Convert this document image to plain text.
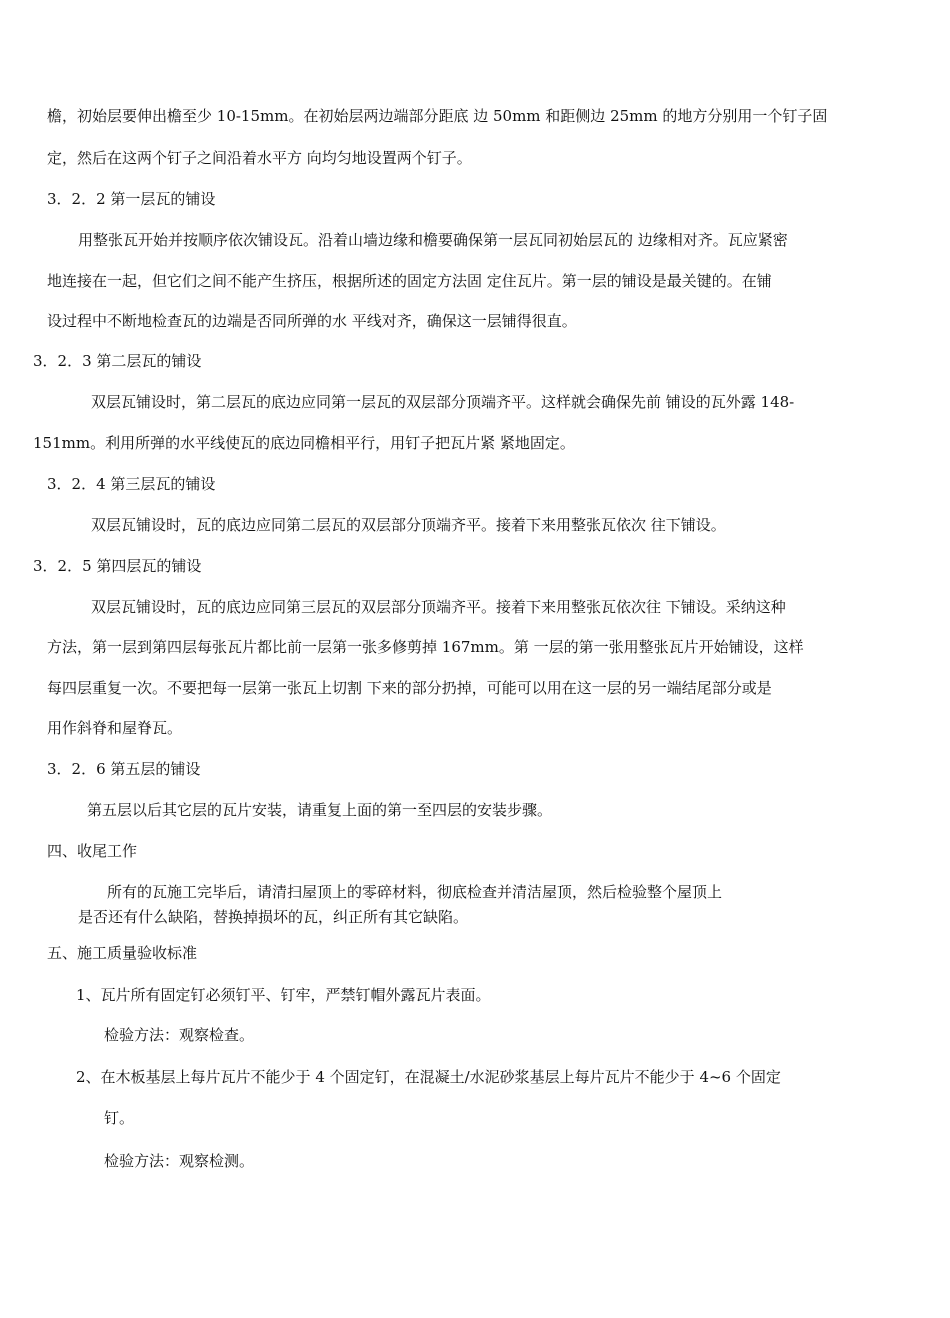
檐，初始层要伸出檐至少 10-15mm。在初始层两边端部分距底 边 50mm 和距侧边 25mm 的地方分别用一个钉子固
定，然后在这两个钉子之间沿着水平方 向均匀地设置两个钉子。
3．2．2 第一层瓦的铺设
用整张瓦开始并按顺序依次铺设瓦。沿着山墙边缘和檐要确保第一层瓦同初始层瓦的 边缘相对齐。瓦应紧密
地连接在一起，但它们之间不能产生挤压，根据所述的固定方法固 定住瓦片。第一层的铺设是最关键的。在铺
设过程中不断地检查瓦的边端是否同所弹的水 平线对齐，确保这一层铺得很直。
3．2．3 第二层瓦的铺设
双层瓦铺设时，第二层瓦的底边应同第一层瓦的双层部分顶端齐平。这样就会确保先前 铺设的瓦外露 148-
151mm。利用所弹的水平线使瓦的底边同檐相平行，用钉子把瓦片紧 紧地固定。
3．2．4 第三层瓦的铺设
双层瓦铺设时，瓦的底边应同第二层瓦的双层部分顶端齐平。接着下来用整张瓦依次 往下铺设。
3．2．5 第四层瓦的铺设
双层瓦铺设时，瓦的底边应同第三层瓦的双层部分顶端齐平。接着下来用整张瓦依次往 下铺设。采纳这种
方法，第一层到第四层每张瓦片都比前一层第一张多修剪掉 167mm。第 一层的第一张用整张瓦片开始铺设，这样
每四层重复一次。不要把每一层第一张瓦上切割 下来的部分扔掉，可能可以用在这一层的另一端结尾部分或是
用作斜脊和屋脊瓦。
3．2．6 第五层的铺设
第五层以后其它层的瓦片安装，请重复上面的第一至四层的安装步骤。
四、收尾工作
所有的瓦施工完毕后，请清扫屋顶上的零碎材料，彻底检查并清洁屋顶，然后检验整个屋顶上
是否还有什么缺陷，替换掉损坏的瓦，纠正所有其它缺陷。
五、施工质量验收标准
1、瓦片所有固定钉必须钉平、钉牢，严禁钉帽外露瓦片表面。
检验方法：观察检查。
2、在木板基层上每片瓦片不能少于 4 个固定钉，在混凝土/水泥砂浆基层上每片瓦片不能少于 4~6 个固定
钉。
检验方法：观察检测。
